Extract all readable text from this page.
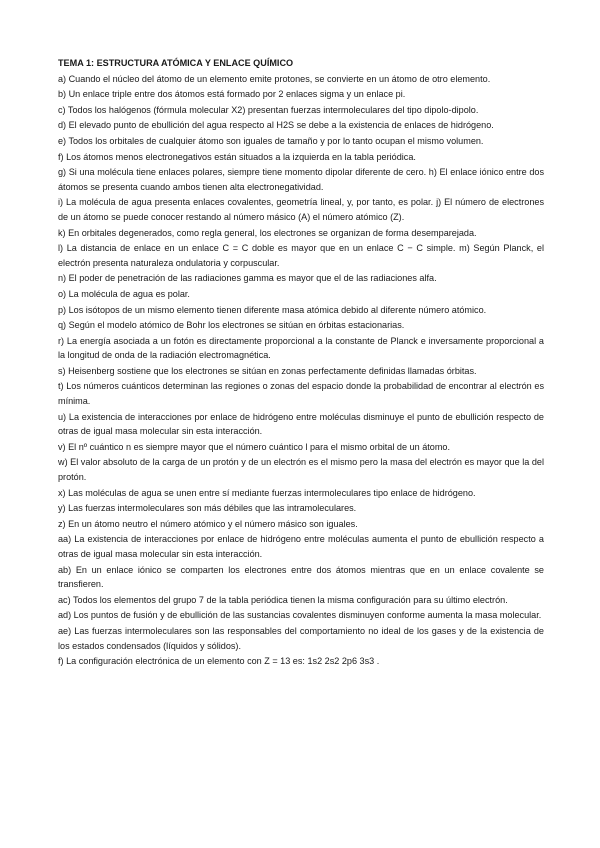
TEMA 1: ESTRUCTURA ATÓMICA Y ENLACE QUÍMICO
a) Cuando el núcleo del átomo de un elemento emite protones, se convierte en un átomo de otro elemento.
b) Un enlace triple entre dos átomos está formado por 2 enlaces sigma y un enlace pi.
c) Todos los halógenos (fórmula molecular X2) presentan fuerzas intermoleculares del tipo dipolo-dipolo.
d) El elevado punto de ebullición del agua respecto al H2S se debe a la existencia de enlaces de hidrógeno.
e) Todos los orbitales de cualquier átomo son iguales de tamaño y por lo tanto ocupan el mismo volumen.
f) Los átomos menos electronegativos están situados a la izquierda en la tabla periódica.
g) Si una molécula tiene enlaces polares, siempre tiene momento dipolar diferente de cero. h) El enlace iónico entre dos átomos se presenta cuando ambos tienen alta electronegatividad.
i) La molécula de agua presenta enlaces covalentes, geometría lineal, y, por tanto, es polar. j) El número de electrones de un átomo se puede conocer restando al número másico (A) el número atómico (Z).
k) En orbitales degenerados, como regla general, los electrones se organizan de forma desemparejada.
l) La distancia de enlace en un enlace C = C doble es mayor que en un enlace C − C simple. m) Según Planck, el electrón presenta naturaleza ondulatoria y corpuscular.
n) El poder de penetración de las radiaciones gamma es mayor que el de las radiaciones alfa.
o) La molécula de agua es polar.
p) Los isótopos de un mismo elemento tienen diferente masa atómica debido al diferente número atómico.
q) Según el modelo atómico de Bohr los electrones se sitúan en órbitas estacionarias.
r) La energía asociada a un fotón es directamente proporcional a la constante de Planck e inversamente proporcional a la longitud de onda de la radiación electromagnética.
s) Heisenberg sostiene que los electrones se sitúan en zonas perfectamente definidas llamadas órbitas.
t) Los números cuánticos determinan las regiones o zonas del espacio donde la probabilidad de encontrar al electrón es mínima.
u) La existencia de interacciones por enlace de hidrógeno entre moléculas disminuye el punto de ebullición respecto de otras de igual masa molecular sin esta interacción.
v) El nº cuántico n es siempre mayor que el número cuántico l para el mismo orbital de un átomo.
w) El valor absoluto de la carga de un protón y de un electrón es el mismo pero la masa del electrón es mayor que la del protón.
x) Las moléculas de agua se unen entre sí mediante fuerzas intermoleculares tipo enlace de hidrógeno.
y) Las fuerzas intermoleculares son más débiles que las intramoleculares.
z) En un átomo neutro el número atómico y el número másico son iguales.
aa) La existencia de interacciones por enlace de hidrógeno entre moléculas aumenta el punto de ebullición respecto a otras de igual masa molecular sin esta interacción.
ab) En un enlace iónico se comparten los electrones entre dos átomos mientras que en un enlace covalente se transfieren.
ac) Todos los elementos del grupo 7 de la tabla periódica tienen la misma configuración para su último electrón.
ad) Los puntos de fusión y de ebullición de las sustancias covalentes disminuyen conforme aumenta la masa molecular.
ae) Las fuerzas intermoleculares son las responsables del comportamiento no ideal de los gases y de la existencia de los estados condensados (líquidos y sólidos).
f) La configuración electrónica de un elemento con Z = 13 es: 1s2 2s2 2p6 3s3 .
